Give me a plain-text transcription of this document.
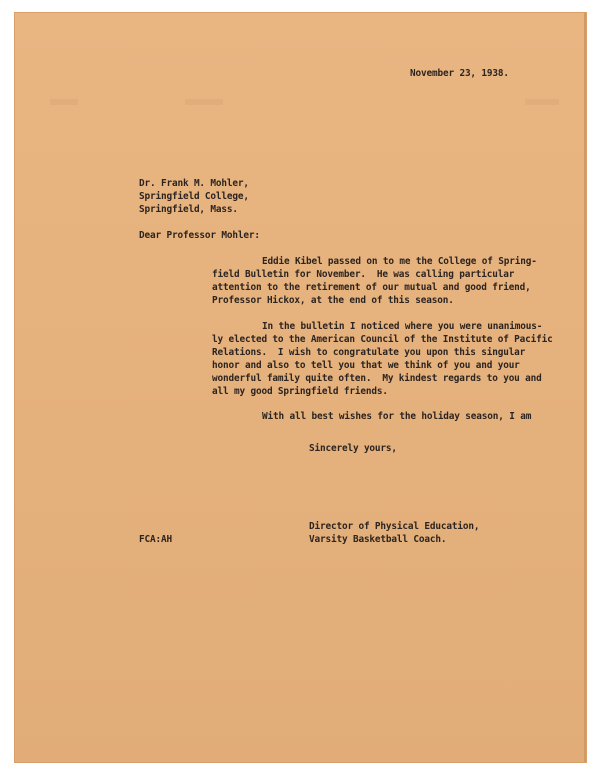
November 23, 1938.
Dr. Frank M. Mohler,
Springfield College,
Springfield, Mass.
Dear Professor Mohler:
Eddie Kibel passed on to me the College of Spring-
field Bulletin for November.  He was calling particular
attention to the retirement of our mutual and good friend,
Professor Hickox, at the end of this season.
In the bulletin I noticed where you were unanimous-
ly elected to the American Council of the Institute of Pacific
Relations.  I wish to congratulate you upon this singular
honor and also to tell you that we think of you and your
wonderful family quite often.  My kindest regards to you and
all my good Springfield friends.
With all best wishes for the holiday season, I am
Sincerely yours,
FCA:AH
Director of Physical Education,
Varsity Basketball Coach.
